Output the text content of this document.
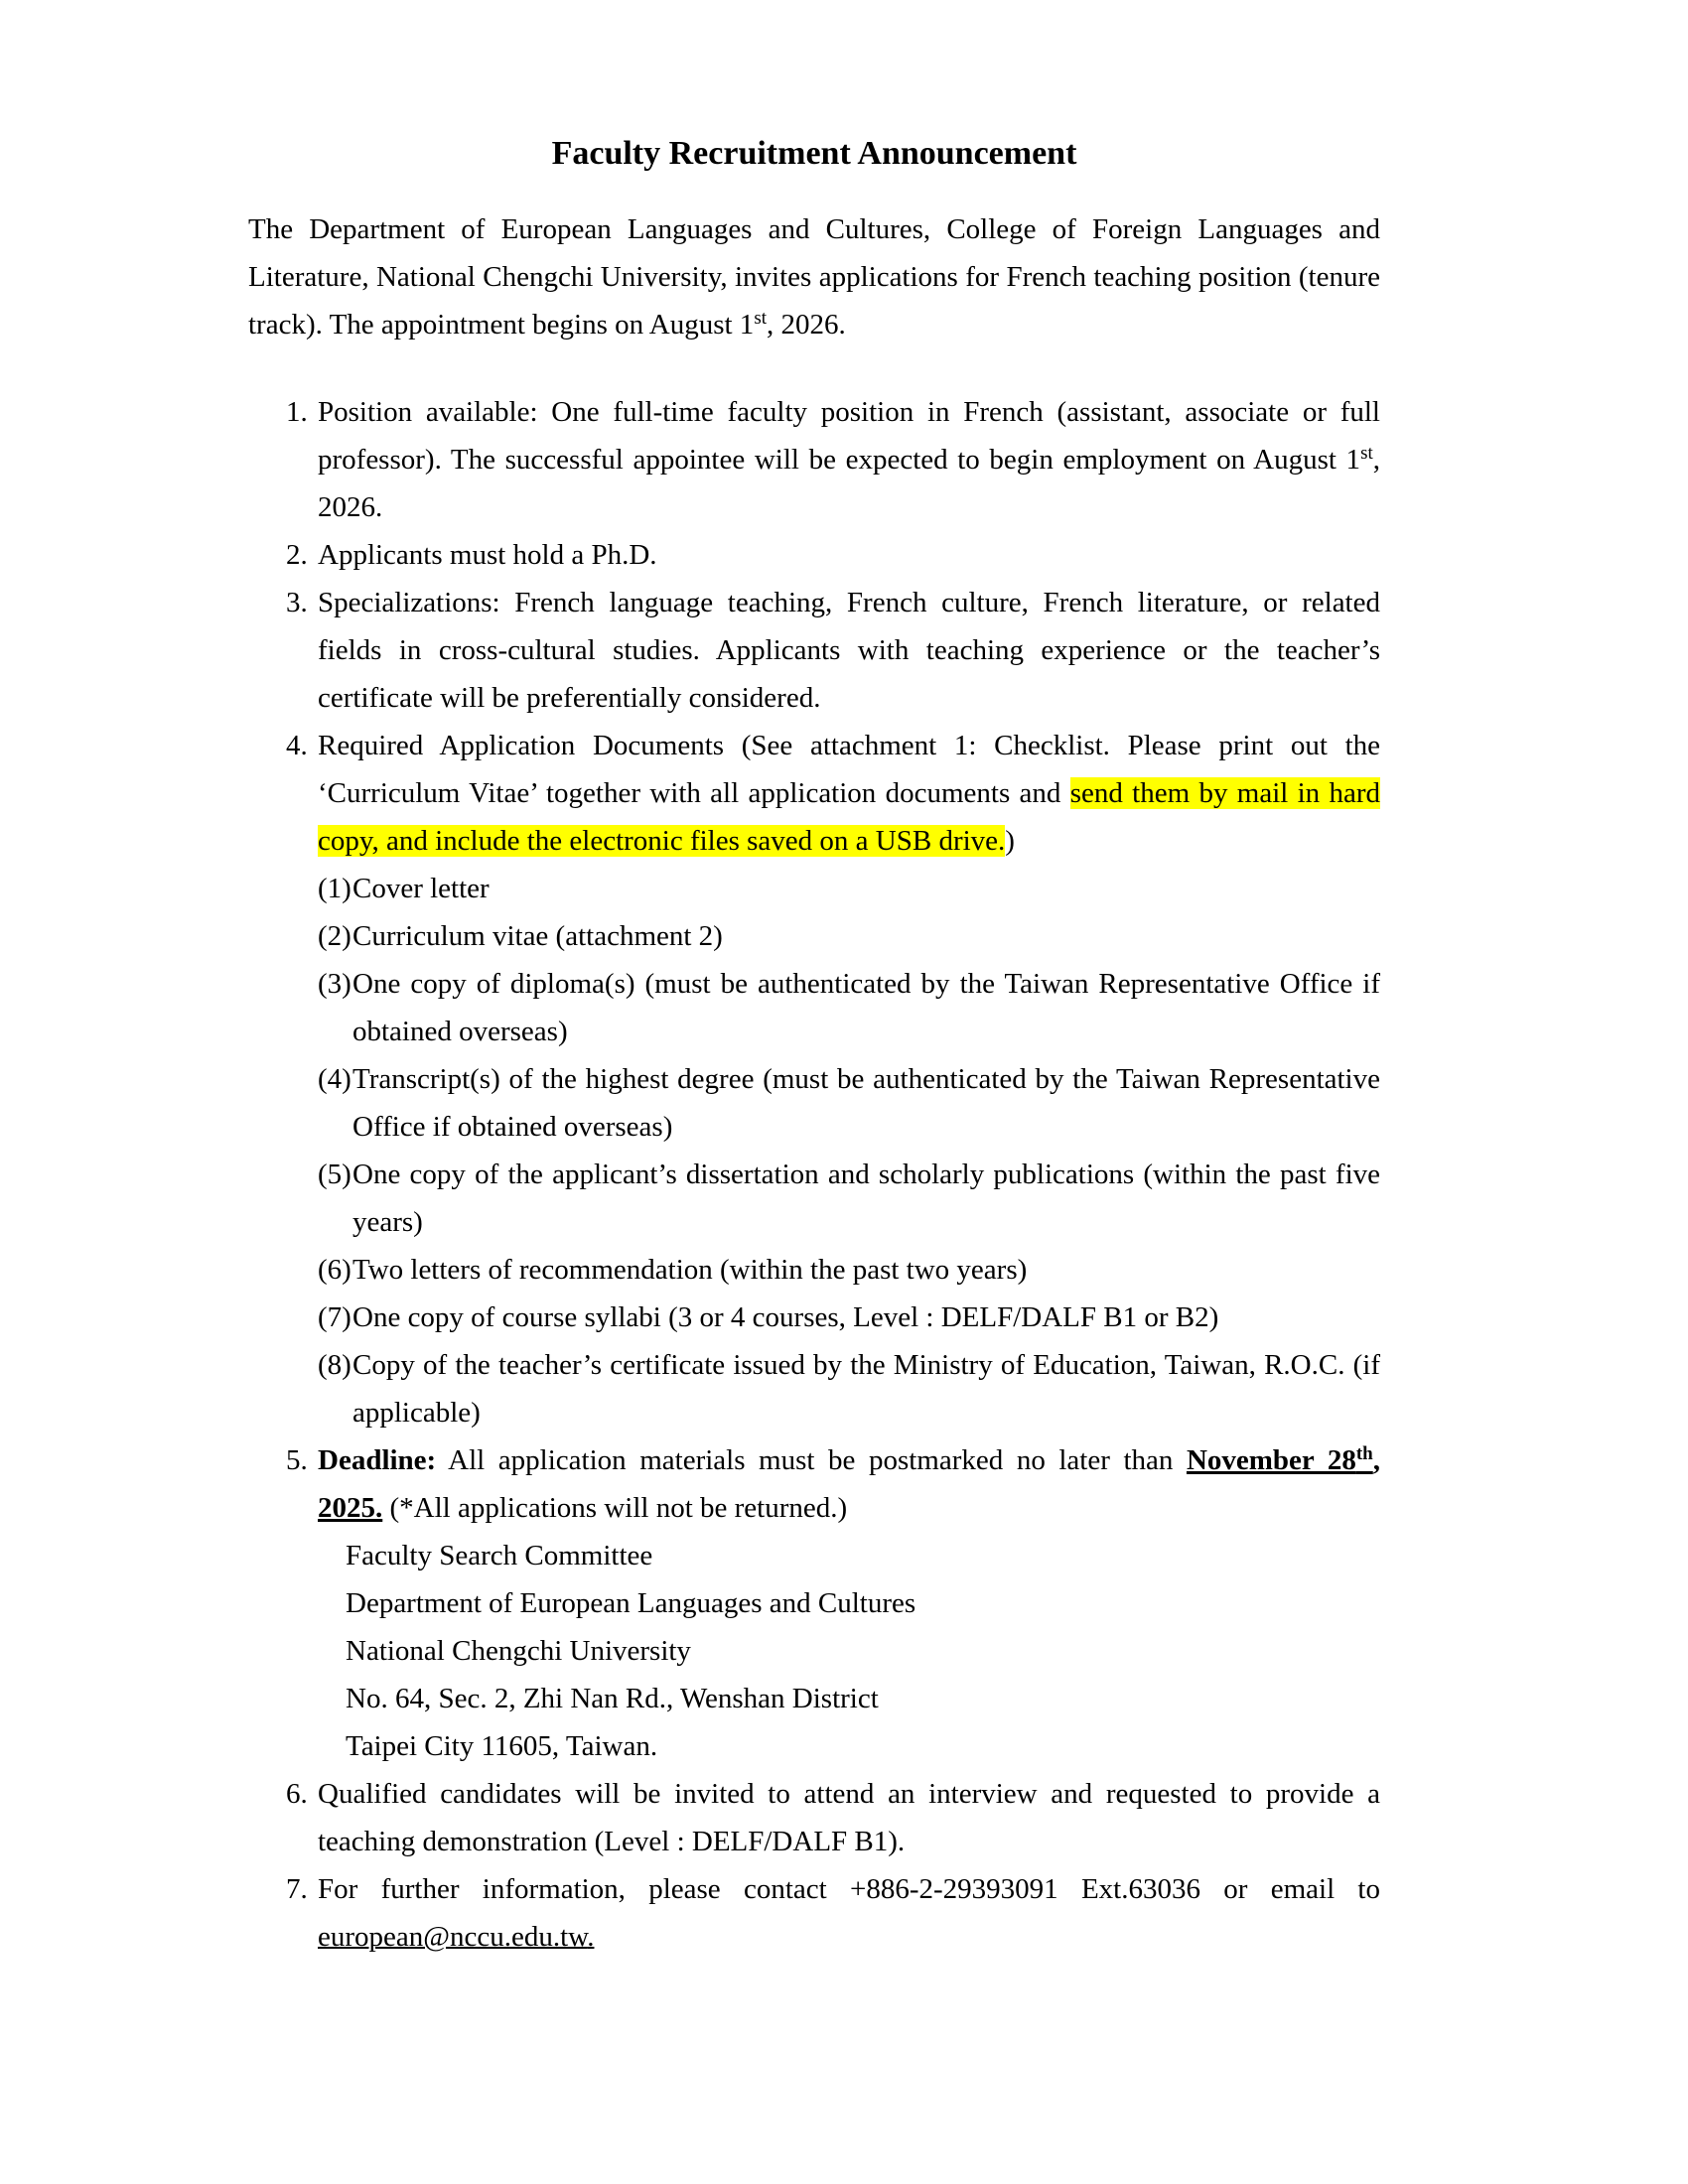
Faculty Recruitment Announcement

The Department of European Languages and Cultures, College of Foreign Languages and Literature, National Chengchi University, invites applications for French teaching position (tenure track). The appointment begins on August 1st, 2026.

1. Position available: One full-time faculty position in French (assistant, associate or full professor). The successful appointee will be expected to begin employment on August 1st, 2026.
2. Applicants must hold a Ph.D.
3. Specializations: French language teaching, French culture, French literature, or related fields in cross-cultural studies. Applicants with teaching experience or the teacher’s certificate will be preferentially considered.
4. Required Application Documents (See attachment 1: Checklist. Please print out the ‘Curriculum Vitae’ together with all application documents and send them by mail in hard copy, and include the electronic files saved on a USB drive.)
(1) Cover letter
(2) Curriculum vitae (attachment 2)
(3) One copy of diploma(s) (must be authenticated by the Taiwan Representative Office if obtained overseas)
(4) Transcript(s) of the highest degree (must be authenticated by the Taiwan Representative Office if obtained overseas)
(5) One copy of the applicant’s dissertation and scholarly publications (within the past five years)
(6) Two letters of recommendation (within the past two years)
(7) One copy of course syllabi (3 or 4 courses, Level : DELF/DALF B1 or B2)
(8) Copy of the teacher’s certificate issued by the Ministry of Education, Taiwan, R.O.C. (if applicable)
5. Deadline: All application materials must be postmarked no later than November 28th, 2025. (*All applications will not be returned.)
Faculty Search Committee
Department of European Languages and Cultures
National Chengchi University
No. 64, Sec. 2, Zhi Nan Rd., Wenshan District
Taipei City 11605, Taiwan.
6. Qualified candidates will be invited to attend an interview and requested to provide a teaching demonstration (Level : DELF/DALF B1).
7. For further information, please contact +886-2-29393091 Ext.63036 or email to european@nccu.edu.tw.
